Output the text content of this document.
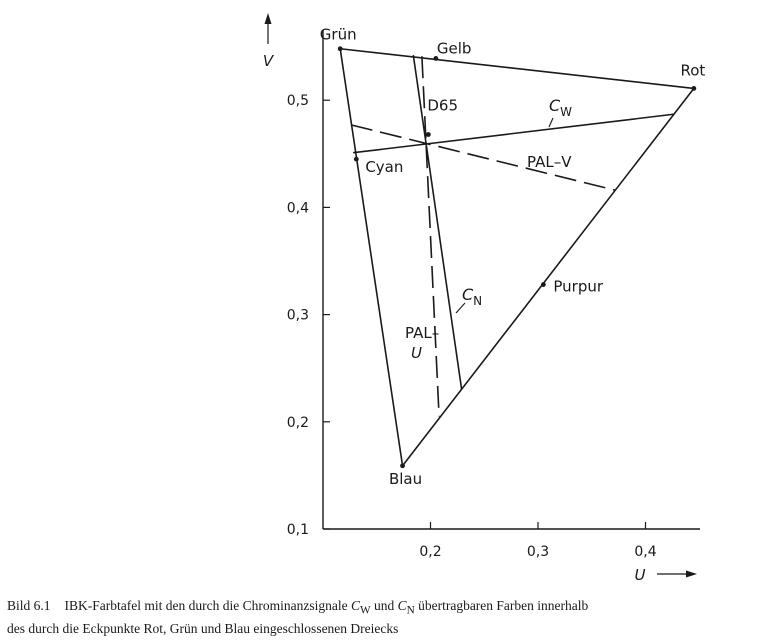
V
U
0,1
0,2
0,3
0,4
0,5
0,2	0,3	0,4
Grün
Rot
Blau
Gelb
Cyan
Purpur
D65	$C_W$
$C_N$
PAL–V
PAL–
U
Bild 6.1 IBK-Farbtafel mit den durch die Chrominanzsignale $C_W$ und $C_N$ übertragbaren Farben innerhalb
des durch die Eckpunkte Rot, Grün und Blau eingeschlossenen Dreiecks
